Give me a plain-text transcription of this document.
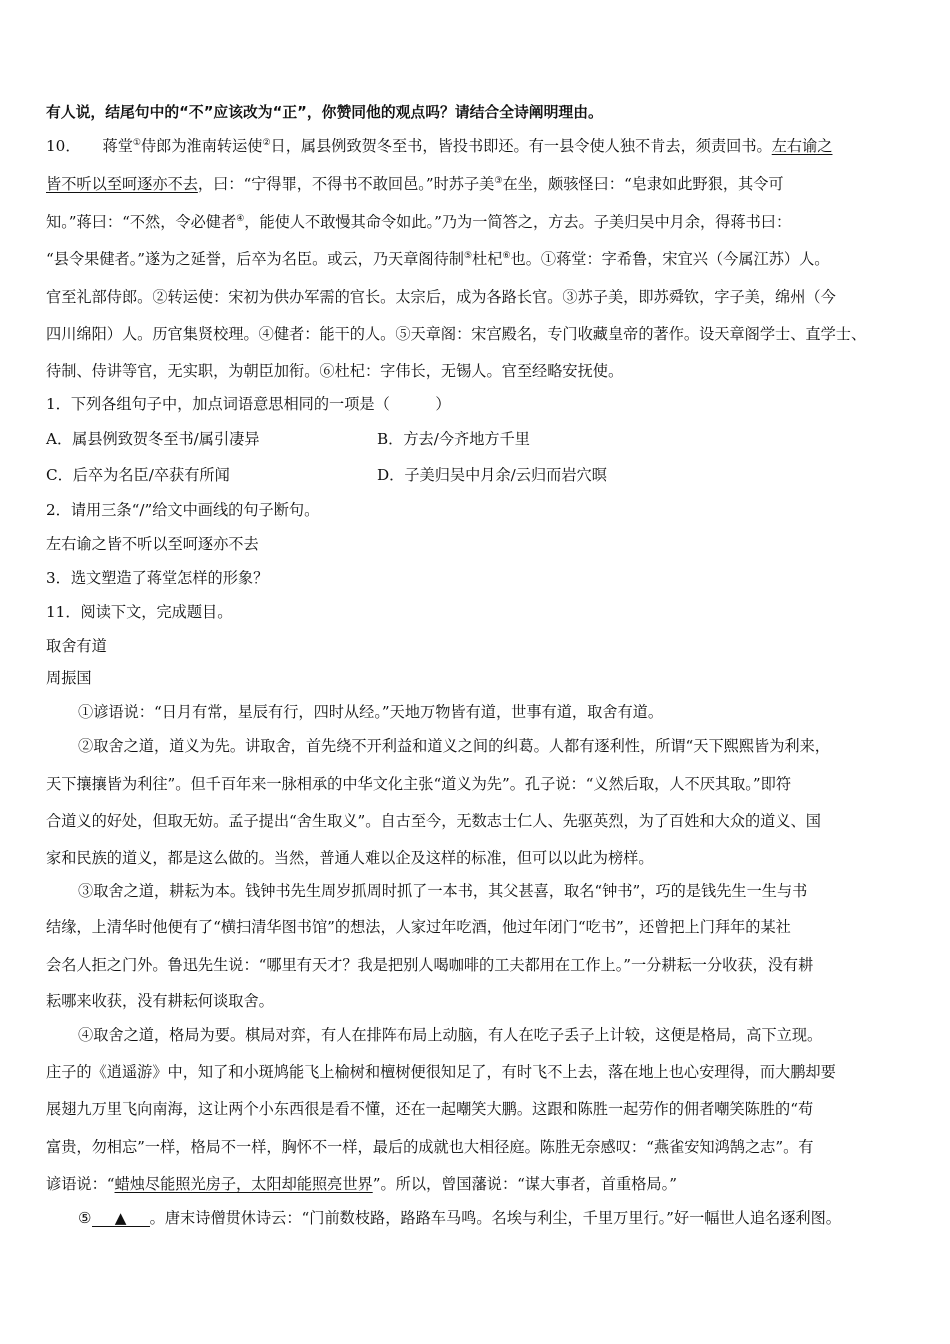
有人说，结尾句中的“不”应该改为“正”，你赞同他的观点吗？请结合全诗阐明理由。
10． 蒋堂①侍郎为淮南转运使②日，属县例致贺冬至书，皆投书即还。有一县令使人独不肯去，须责回书。左右谕之
皆不听以至呵逐亦不去，曰：“宁得罪，不得书不敢回邑。”时苏子美③在坐，颇骇怪曰：“皂隶如此野狠，其令可
知。”蒋曰：“不然，令必健者④，能使人不敢慢其命令如此。”乃为一简答之，方去。子美归吴中月余，得蒋书曰：
“县令果健者。”遂为之延誉，后卒为名臣。或云，乃天章阁待制⑤杜杞⑥也。①蒋堂：字希鲁，宋宜兴（今属江苏）人。
官至礼部侍郎。②转运使：宋初为供办军需的官长。太宗后，成为各路长官。③苏子美，即苏舜钦，字子美，绵州（今
四川绵阳）人。历官集贤校理。④健者：能干的人。⑤天章阁：宋宫殿名，专门收藏皇帝的著作。设天章阁学士、直学士、
待制、侍讲等官，无实职，为朝臣加衔。⑥杜杞：字伟长，无锡人。官至经略安抚使。
1．下列各组句子中，加点词语意思相同的一项是（　　　）
A．属县例致贺冬至书/属引凄异	B．方去/今齐地方千里
C．后卒为名臣/卒获有所闻	D．子美归吴中月余/云归而岩穴暝
2．请用三条“/”给文中画线的句子断句。
左右谕之皆不听以至呵逐亦不去
3．选文塑造了蒋堂怎样的形象？
11．阅读下文，完成题目。
取舍有道
周振国
①谚语说：“日月有常，星辰有行，四时从经。”天地万物皆有道，世事有道，取舍有道。
②取舍之道，道义为先。讲取舍，首先绕不开利益和道义之间的纠葛。人都有逐利性，所谓“天下熙熙皆为利来，
天下攘攘皆为利往”。但千百年来一脉相承的中华文化主张“道义为先”。孔子说：“义然后取，人不厌其取。”即符
合道义的好处，但取无妨。孟子提出“舍生取义”。自古至今，无数志士仁人、先驱英烈，为了百姓和大众的道义、国
家和民族的道义，都是这么做的。当然，普通人难以企及这样的标准，但可以以此为榜样。
③取舍之道，耕耘为本。钱钟书先生周岁抓周时抓了一本书，其父甚喜，取名“钟书”，巧的是钱先生一生与书
结缘，上清华时他便有了“横扫清华图书馆”的想法，人家过年吃酒，他过年闭门“吃书”，还曾把上门拜年的某社
会名人拒之门外。鲁迅先生说：“哪里有天才？我是把别人喝咖啡的工夫都用在工作上。”一分耕耘一分收获，没有耕
耘哪来收获，没有耕耘何谈取舍。
④取舍之道，格局为要。棋局对弈，有人在排阵布局上动脑，有人在吃子丢子上计较，这便是格局，高下立现。
庄子的《逍遥游》中，知了和小斑鸠能飞上榆树和檀树便很知足了，有时飞不上去，落在地上也心安理得，而大鹏却要
展翅九万里飞向南海，这让两个小东西很是看不懂，还在一起嘲笑大鹏。这跟和陈胜一起劳作的佣者嘲笑陈胜的“苟
富贵，勿相忘”一样，格局不一样，胸怀不一样，最后的成就也大相径庭。陈胜无奈感叹：“燕雀安知鸿鹄之志”。有
谚语说：“蜡烛尽能照光房子，太阳却能照亮世界”。所以，曾国藩说：“谋大事者，首重格局。”
⑤ ▲ 。唐末诗僧贯休诗云：“门前数枝路，路路车马鸣。名埃与利尘，千里万里行。”好一幅世人追名逐利图。
